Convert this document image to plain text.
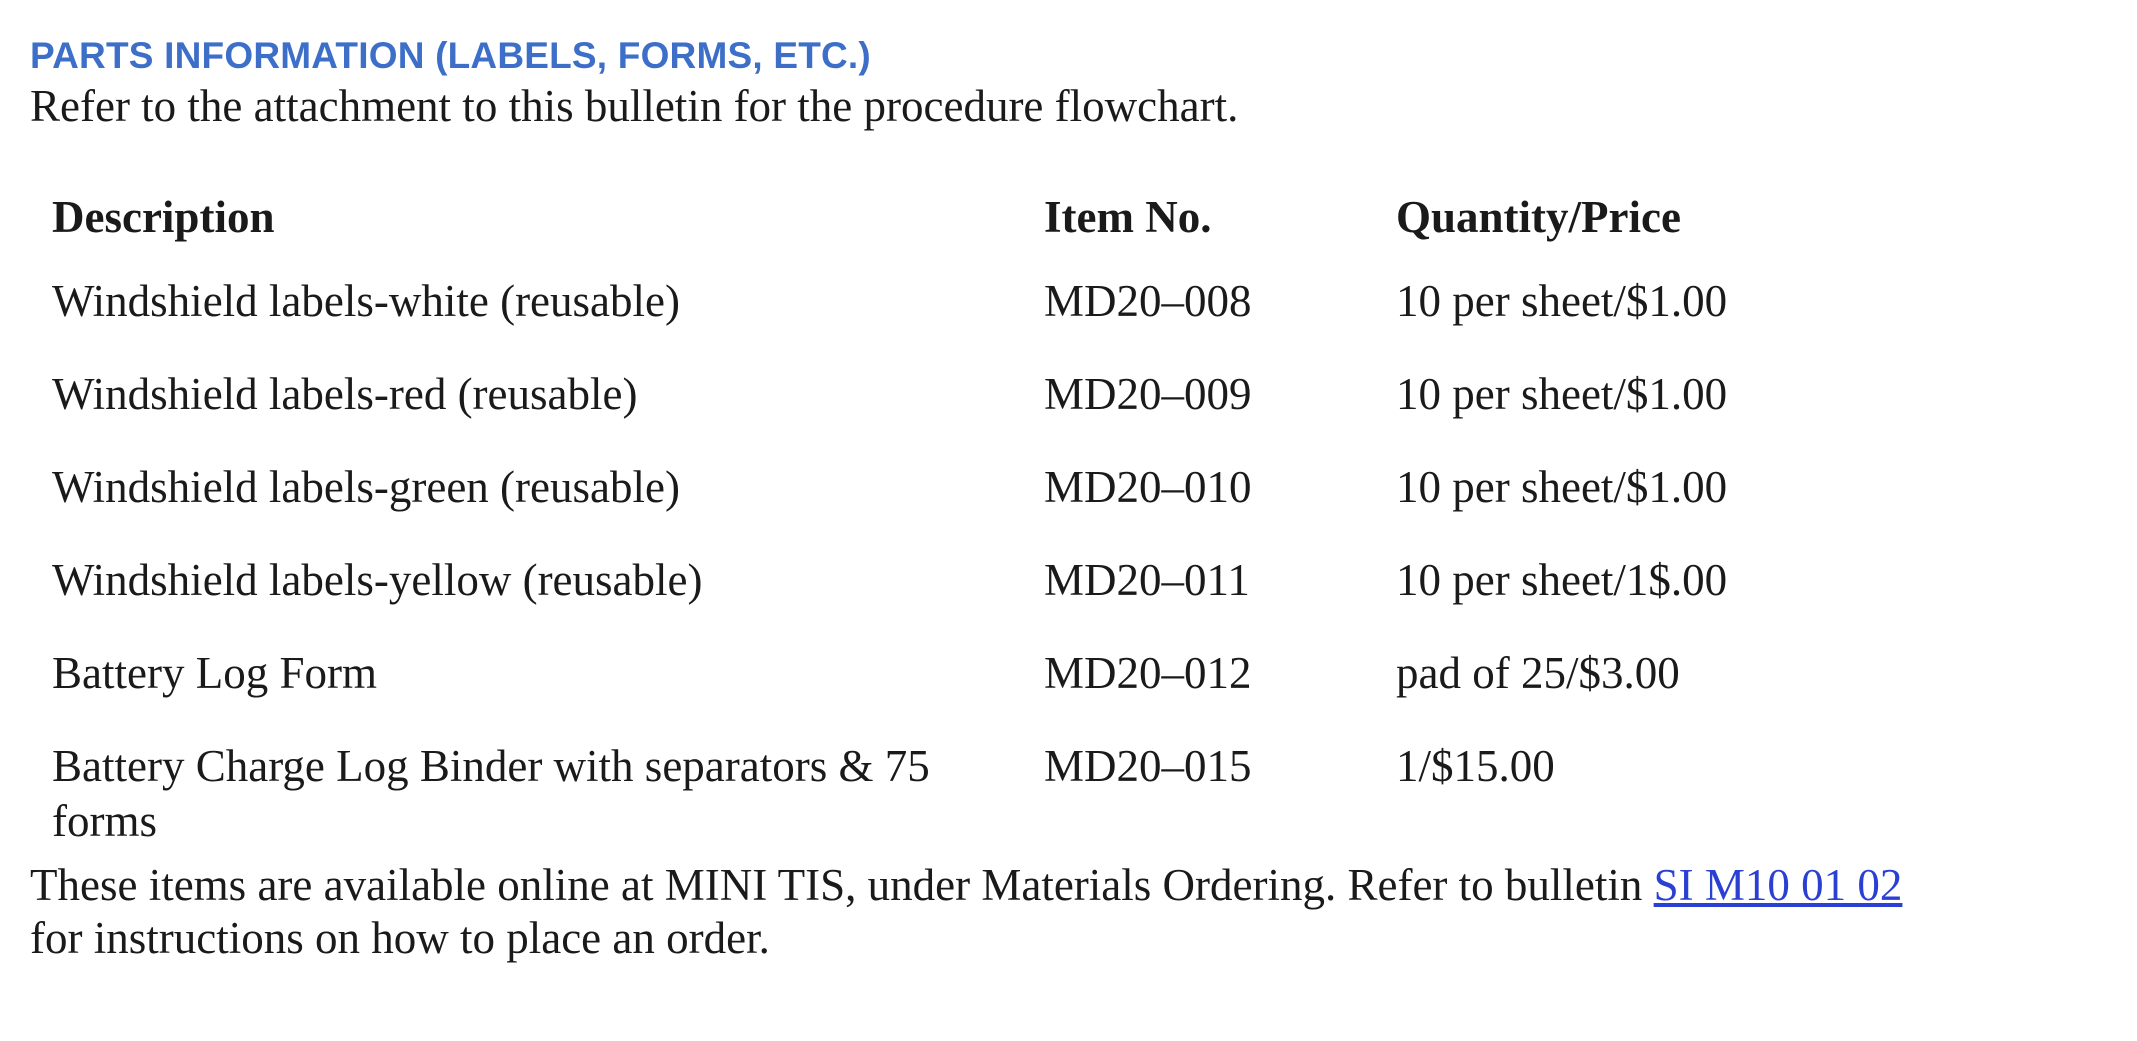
PARTS INFORMATION (LABELS, FORMS, ETC.)
Refer to the attachment to this bulletin for the procedure flowchart.
Description	Item No.	Quantity/Price
Windshield labels-white (reusable)	MD20–008	10 per sheet/$1.00
Windshield labels-red (reusable)	MD20–009	10 per sheet/$1.00
Windshield labels-green (reusable)	MD20–010	10 per sheet/$1.00
Windshield labels-yellow (reusable)	MD20–011	10 per sheet/1$.00
Battery Log Form	MD20–012	pad of 25/$3.00

Battery Charge Log Binder with separators & 75 forms	MD20–015	1/$15.00
These items are available online at MINI TIS, under Materials Ordering. Refer to bulletin SI M10 01 02
for instructions on how to place an order.
